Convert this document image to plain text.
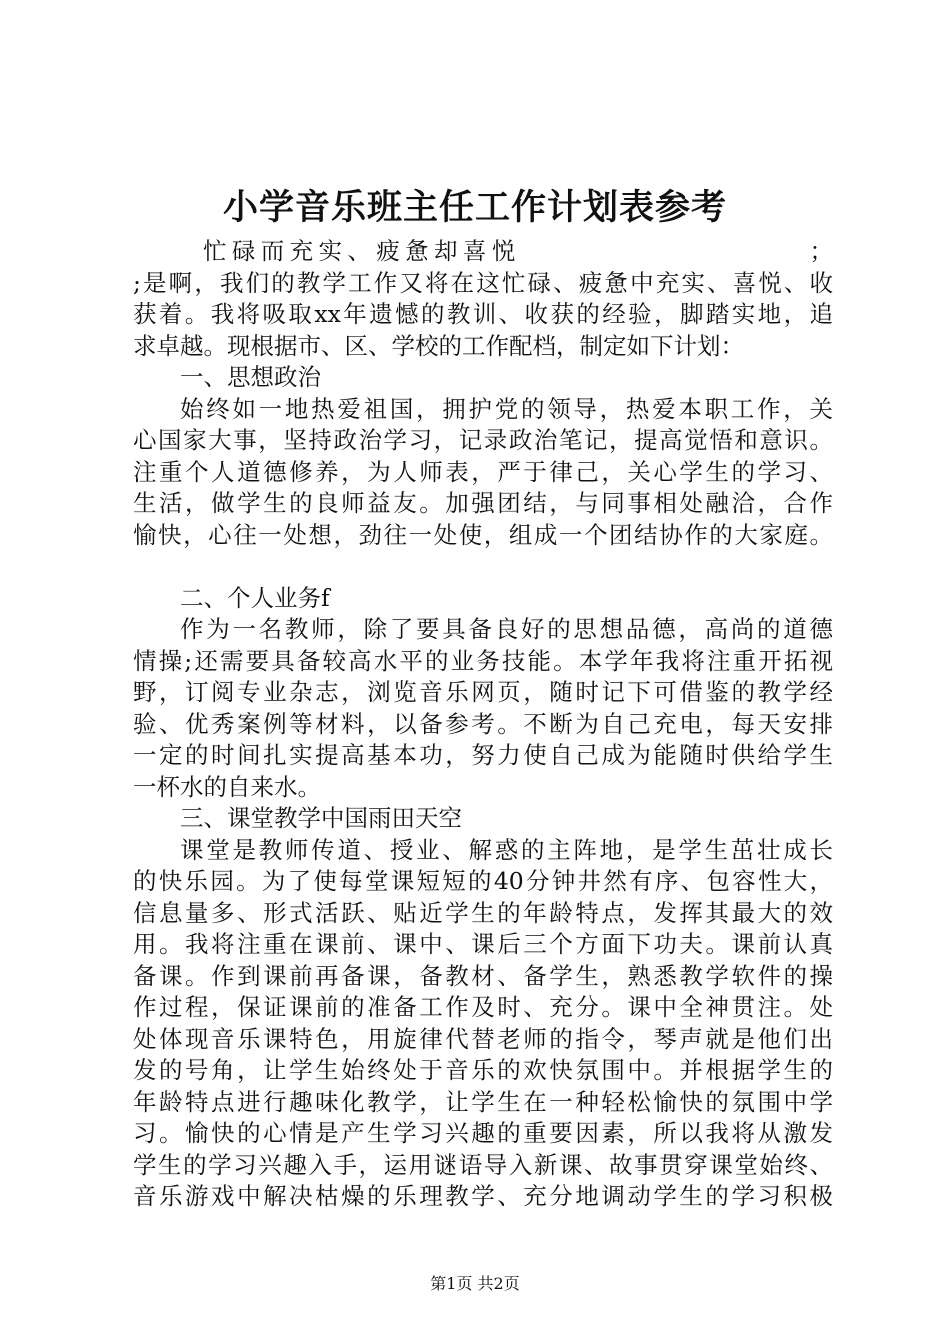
小学音乐班主任工作计划表参考
忙碌而充实、疲惫却喜悦　　　　　　　　　　；
;是啊，我们的教学工作又将在这忙碌、疲惫中充实、喜悦、收
获着。我将吸取xx年遗憾的教训、收获的经验，脚踏实地，追
求卓越。现根据市、区、学校的工作配档，制定如下计划：
一、思想政治
始终如一地热爱祖国，拥护党的领导，热爱本职工作，关
心国家大事，坚持政治学习，记录政治笔记，提高觉悟和意识。
注重个人道德修养，为人师表，严于律己，关心学生的学习、
生活，做学生的良师益友。加强团结，与同事相处融洽，合作
愉快，心往一处想，劲往一处使，组成一个团结协作的大家庭。
二、个人业务f
作为一名教师，除了要具备良好的思想品德，高尚的道德
情操;还需要具备较高水平的业务技能。本学年我将注重开拓视
野，订阅专业杂志，浏览音乐网页，随时记下可借鉴的教学经
验、优秀案例等材料，以备参考。不断为自己充电，每天安排
一定的时间扎实提高基本功，努力使自己成为能随时供给学生
一杯水的自来水。
三、课堂教学中国雨田天空
课堂是教师传道、授业、解惑的主阵地，是学生茁壮成长
的快乐园。为了使每堂课短短的40分钟井然有序、包容性大，
信息量多、形式活跃、贴近学生的年龄特点，发挥其最大的效
用。我将注重在课前、课中、课后三个方面下功夫。课前认真
备课。作到课前再备课，备教材、备学生，熟悉教学软件的操
作过程，保证课前的准备工作及时、充分。课中全神贯注。处
处体现音乐课特色，用旋律代替老师的指令，琴声就是他们出
发的号角，让学生始终处于音乐的欢快氛围中。并根据学生的
年龄特点进行趣味化教学，让学生在一种轻松愉快的氛围中学
习。愉快的心情是产生学习兴趣的重要因素，所以我将从激发
学生的学习兴趣入手，运用谜语导入新课、故事贯穿课堂始终、
音乐游戏中解决枯燥的乐理教学、充分地调动学生的学习积极
第1页 共2页
